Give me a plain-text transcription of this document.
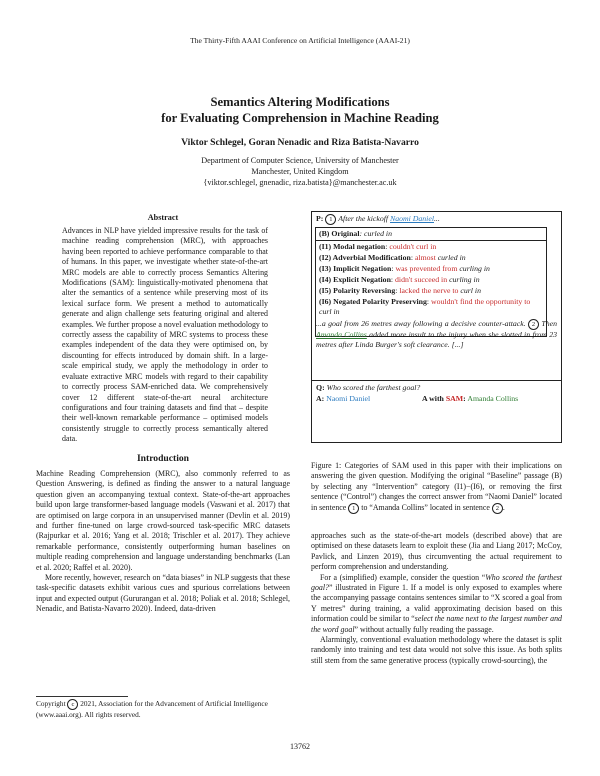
The Thirty-Fifth AAAI Conference on Artificial Intelligence (AAAI-21)
Semantics Altering Modifications
for Evaluating Comprehension in Machine Reading
Viktor Schlegel, Goran Nenadic and Riza Batista-Navarro
Department of Computer Science, University of Manchester
Manchester, United Kingdom
{viktor.schlegel, gnenadic, riza.batista}@manchester.ac.uk
Abstract

Advances in NLP have yielded impressive results for the task of machine reading comprehension (MRC), with approaches having been reported to achieve performance comparable to that of humans. In this paper, we investigate whether state-of-the-art MRC models are able to correctly process Semantics Altering Modifications (SAM): linguistically-motivated phenomena that alter the semantics of a sentence while preserving most of its lexical surface form. We present a method to automatically generate and align challenge sets featuring original and altered examples. We further propose a novel evaluation methodology to correctly assess the capability of MRC systems to process these examples independent of the data they were optimised on, by discounting for effects introduced by domain shift. In a large-scale empirical study, we apply the methodology in order to evaluate extractive MRC models with regard to their capability to correctly process SAM-enriched data. We comprehensively cover 12 different state-of-the-art neural architecture configurations and four training datasets and find that – despite their well-known remarkable performance – optimised models consistently struggle to correctly process semantically altered data.

Introduction

Machine Reading Comprehension (MRC), also commonly referred to as Question Answering, is defined as finding the answer to a natural language question given an accompanying textual context. State-of-the-art approaches build upon large transformer-based language models (Vaswani et al. 2017) that are optimised on large corpora in an unsupervised manner (Devlin et al. 2019) and further fine-tuned on large crowd-sourced task-specific MRC datasets (Rajpurkar et al. 2016; Yang et al. 2018; Trischler et al. 2017). They achieve remarkable performance, consistently outperforming human baselines on multiple reading comprehension and language understanding benchmarks (Lan et al. 2020; Raffel et al. 2020).

More recently, however, research on “data biases” in NLP suggests that these task-specific datasets exhibit various cues and spurious correlations between input and expected output (Gururangan et al. 2018; Poliak et al. 2018; Schlegel, Nenadic, and Batista-Navarro 2020). Indeed, data-driven

Copyright c 2021, Association for the Advancement of Artificial Intelligence (www.aaai.org). All rights reserved.
P: 1 After the kickoff Naomi Daniel...
(B) Original: curled in
(I1) Modal negation: couldn't curl in
(I2) Adverbial Modification: almost curled in
(I3) Implicit Negation: was prevented from curling in
(I4) Explicit Negation: didn't succeed in curling in
(I5) Polarity Reversing: lacked the nerve to curl in
(I6) Negated Polarity Preserving: wouldn't find the opportunity to curl in
...a goal from 26 metres away following a decisive counter-attack. 2 Then Amanda Collins added more insult to the injury when she slotted in from 23 metres after Linda Burger's soft clearance. [...]
Q: Who scored the farthest goal?
A: Naomi Daniel	A with SAM: Amanda Collins

Figure 1: Categories of SAM used in this paper with their implications on answering the given question. Modifying the original “Baseline” passage (B) by selecting any “Intervention” category (I1)−(I6), or removing the first sentence (“Control”) changes the correct answer from “Naomi Daniel” located in sentence 1 to “Amanda Collins” located in sentence 2 .

approaches such as the state-of-the-art models (described above) that are optimised on these datasets learn to exploit these (Jia and Liang 2017; McCoy, Pavlick, and Linzen 2019), thus circumventing the actual requirement to perform comprehension and understanding.

For a (simplified) example, consider the question “Who scored the farthest goal?” illustrated in Figure 1. If a model is only exposed to examples where the accompanying passage contains sentences similar to “X scored a goal from Y metres” during training, a valid approximating decision based on this information could be similar to “select the name next to the largest number and the word goal” without actually fully reading the passage.

Alarmingly, conventional evaluation methodology where the dataset is split randomly into training and test data would not solve this issue. As both splits still stem from the same generative process (typically crowd-sourcing), the

13762
